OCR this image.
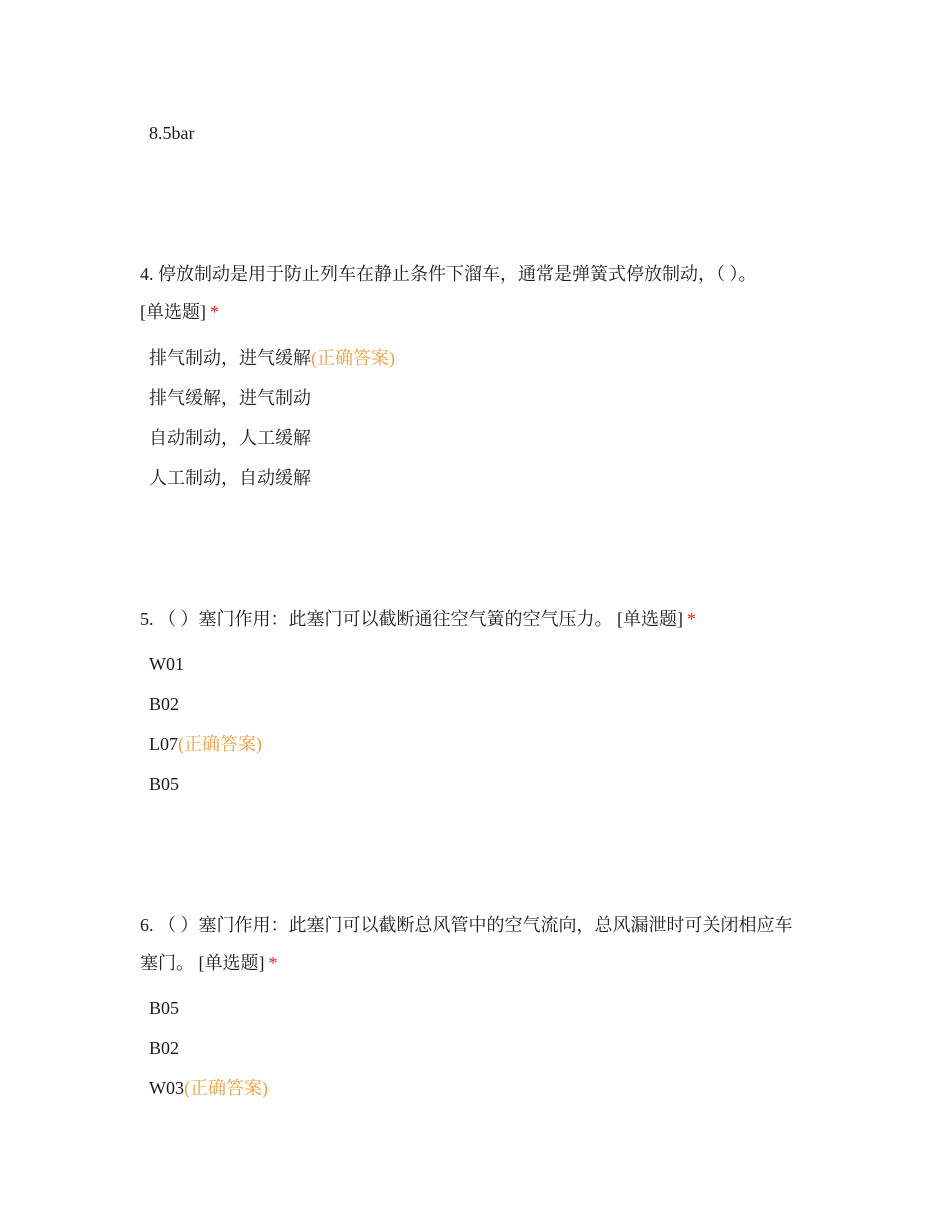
8.5bar
4. 停放制动是用于防止列车在静止条件下溜车，通常是弹簧式停放制动，（ ）。
[单选题] *
排气制动，进气缓解(正确答案)
排气缓解，进气制动
自动制动，人工缓解
人工制动，自动缓解
5. （ ）塞门作用：此塞门可以截断通往空气簧的空气压力。 [单选题] *
W01
B02
L07(正确答案)
B05
6. （ ）塞门作用：此塞门可以截断总风管中的空气流向，总风漏泄时可关闭相应车塞门。 [单选题] *
B05
B02
W03(正确答案)
